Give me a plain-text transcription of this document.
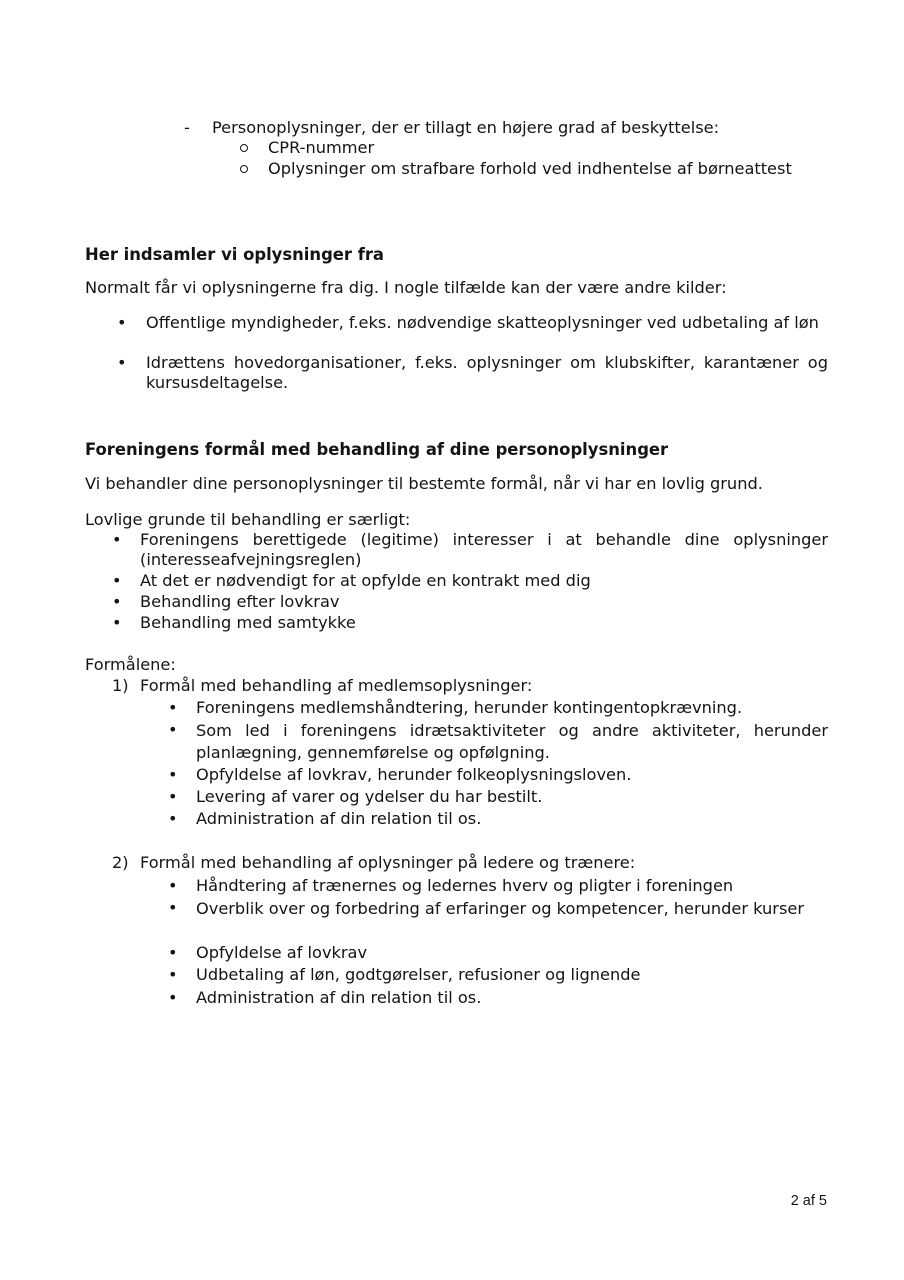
- Personoplysninger, der er tillagt en højere grad af beskyttelse:
CPR-nummer
Oplysninger om strafbare forhold ved indhentelse af børneattest
Her indsamler vi oplysninger fra
Normalt får vi oplysningerne fra dig. I nogle tilfælde kan der være andre kilder:
• Offentlige myndigheder, f.eks. nødvendige skatteoplysninger ved udbetaling af løn
• Idrættens hovedorganisationer, f.eks. oplysninger om klubskifter, karantæner og kursusdeltagelse.
Foreningens formål med behandling af dine personoplysninger
Vi behandler dine personoplysninger til bestemte formål, når vi har en lovlig grund.
Lovlige grunde til behandling er særligt:
• Foreningens berettigede (legitime) interesser i at behandle dine oplysninger (interesseafvejningsreglen)
• At det er nødvendigt for at opfylde en kontrakt med dig
• Behandling efter lovkrav
• Behandling med samtykke
Formålene:
1) Formål med behandling af medlemsoplysninger:
• Foreningens medlemshåndtering, herunder kontingentopkrævning.
• Som led i foreningens idrætsaktiviteter og andre aktiviteter, herunder planlægning, gennemførelse og opfølgning.
• Opfyldelse af lovkrav, herunder folkeoplysningsloven.
• Levering af varer og ydelser du har bestilt.
• Administration af din relation til os.
2) Formål med behandling af oplysninger på ledere og trænere:
• Håndtering af trænernes og ledernes hverv og pligter i foreningen
• Overblik over og forbedring af erfaringer og kompetencer, herunder kurser
• Opfyldelse af lovkrav
• Udbetaling af løn, godtgørelser, refusioner og lignende
• Administration af din relation til os.
2 af 5
